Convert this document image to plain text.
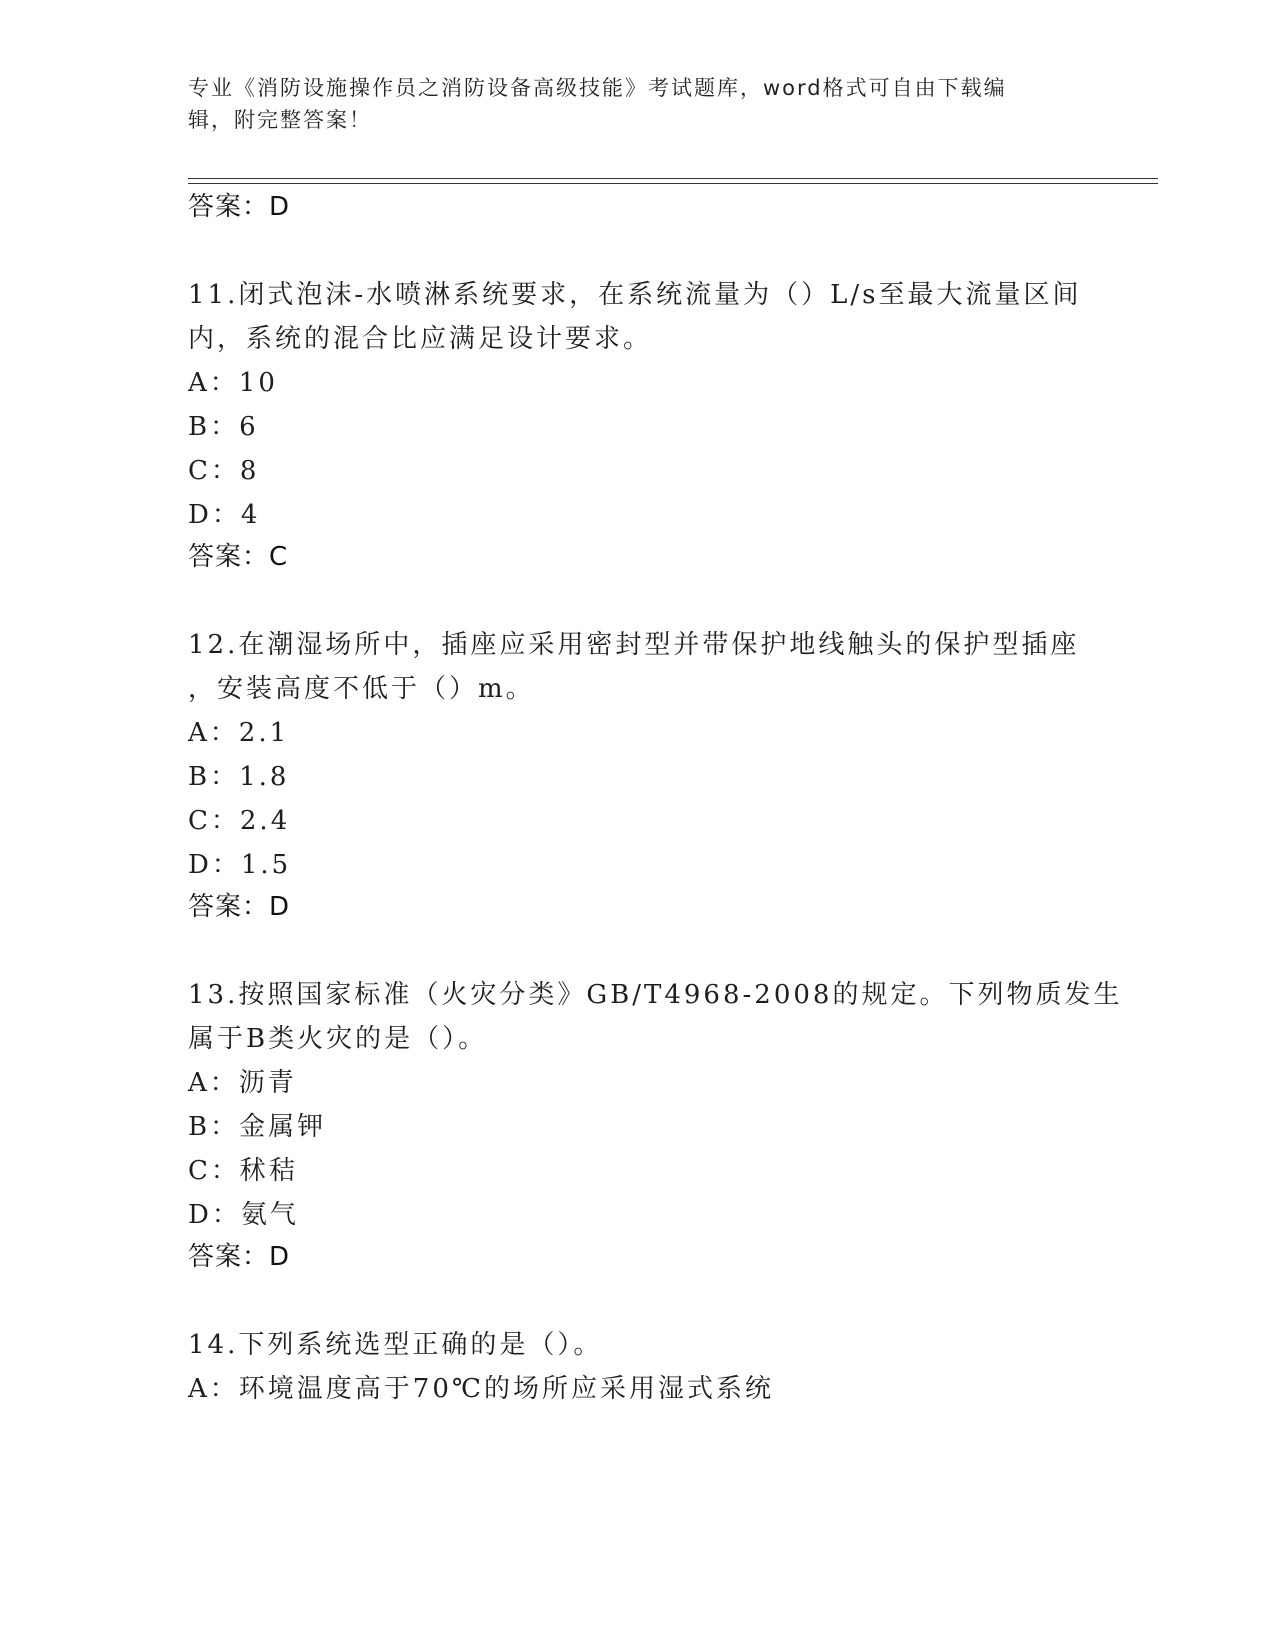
专业《消防设施操作员之消防设备高级技能》考试题库，word格式可自由下载编
辑，附完整答案！
答案：D
11.闭式泡沫-水喷淋系统要求，在系统流量为（）L/s至最大流量区间
内，系统的混合比应满足设计要求。
A：10
B：6
C：8
D：4
答案：C
12.在潮湿场所中，插座应采用密封型并带保护地线触头的保护型插座
，安装高度不低于（）m。
A：2.1
B：1.8
C：2.4
D：1.5
答案：D
13.按照国家标准（火灾分类》GB/T4968-2008的规定。下列物质发生
属于B类火灾的是（）。
A：沥青
B：金属钾
C：秫秸
D：氨气
答案：D
14.下列系统选型正确的是（）。
A：环境温度高于70℃的场所应采用湿式系统
